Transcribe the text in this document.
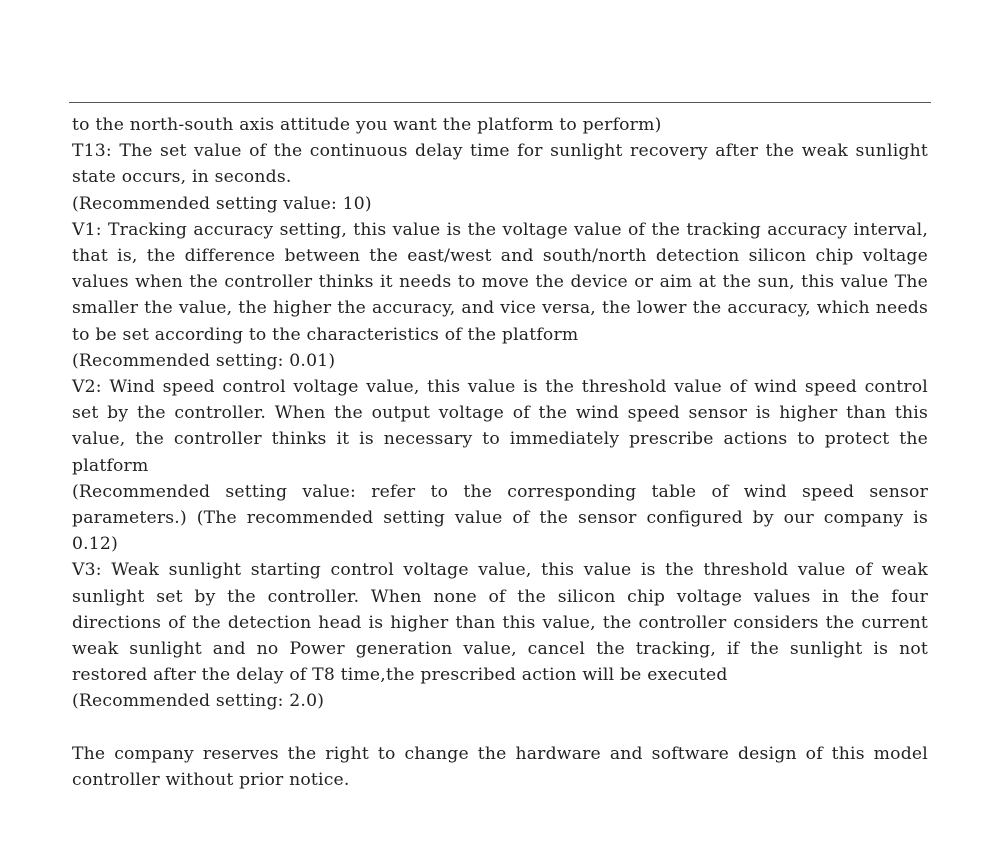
to the north-south axis attitude you want the platform to perform)

T13: The set value of the continuous delay time for sunlight recovery after the weak sunlight state occurs, in seconds.

(Recommended setting value: 10)

V1: Tracking accuracy setting, this value is the voltage value of the tracking accuracy interval, that is, the difference between the east/west and south/north detection silicon chip voltage values when the controller thinks it needs to move the device or aim at the sun, this value The smaller the value, the higher the accuracy, and vice versa, the lower the accuracy, which needs to be set according to the characteristics of the platform

(Recommended setting: 0.01)

V2: Wind speed control voltage value, this value is the threshold value of wind speed control set by the controller. When the output voltage of the wind speed sensor is higher than this value, the controller thinks it is necessary to immediately prescribe actions to protect the platform

(Recommended setting value: refer to the corresponding table of wind speed sensor parameters.) (The recommended setting value of the sensor configured by our company is 0.12)

V3: Weak sunlight starting control voltage value, this value is the threshold value of weak sunlight set by the controller. When none of the silicon chip voltage values in the four directions of the detection head is higher than this value, the controller considers the current weak sunlight and no Power generation value, cancel the tracking, if the sunlight is not restored after the delay of T8 time,the prescribed action will be executed

(Recommended setting: 2.0)

The company reserves the right to change the hardware and software design of this model controller without prior notice.
